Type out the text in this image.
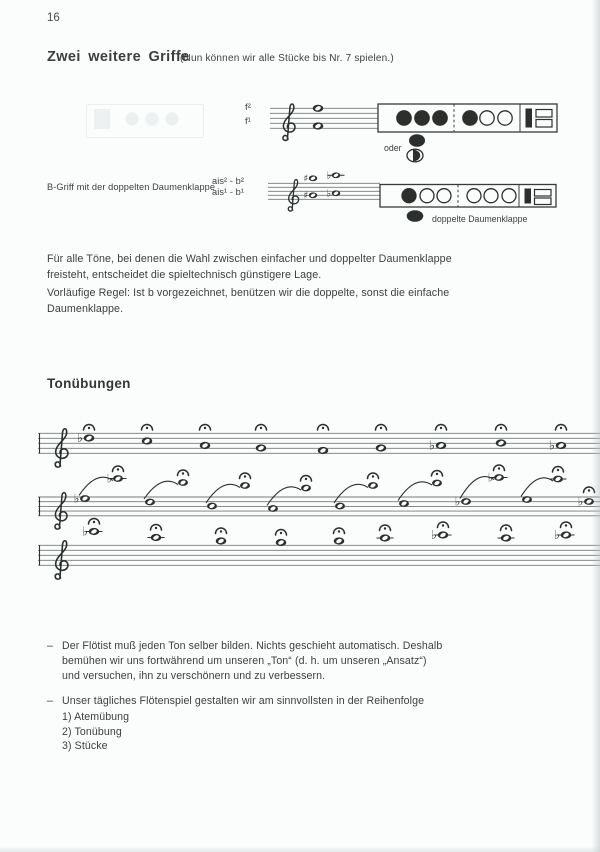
♯ ♭
♯ ♭
♭	♭	♭
♭
♭
♭
♭
♭
♭	♭	♭
16
Zwei weitere Griffe
(Nun können wir alle Stücke bis Nr. 7 spielen.)
f²
f¹
oder
B-Griff mit der doppelten Daumenklappe
ais² - b²
ais¹ - b¹
doppelte Daumenklappe
Für alle Töne, bei denen die Wahl zwischen einfacher und doppelter Daumenklappe
freisteht, entscheidet die spieltechnisch günstigere Lage.
Vorläufige Regel: Ist b vorgezeichnet, benützen wir die doppelte, sonst die einfache
Daumenklappe.
Tonübungen
– Der Flötist muß jeden Ton selber bilden. Nichts geschieht automatisch. Deshalb
bemühen wir uns fortwährend um unseren „Ton“ (d. h. um unseren „Ansatz“)
und versuchen, ihn zu verschönern und zu verbessern.
– Unser tägliches Flötenspiel gestalten wir am sinnvollsten in der Reihenfolge
1) Atemübung
2) Tonübung
3) Stücke
